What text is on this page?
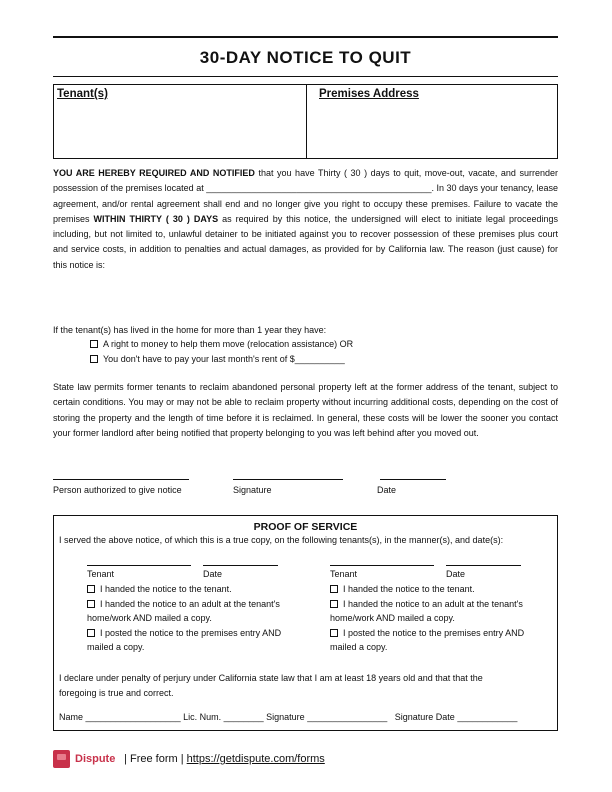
30-DAY NOTICE TO QUIT
Tenant(s)	Premises Address
YOU ARE HEREBY REQUIRED AND NOTIFIED that you have Thirty ( 30 ) days to quit, move-out, vacate, and surrender possession of the premises located at _____________________________________________. In 30 days your tenancy, lease agreement, and/or rental agreement shall end and no longer give you right to occupy these premises. Failure to vacate the premises WITHIN THIRTY ( 30 ) DAYS as required by this notice, the undersigned will elect to initiate legal proceedings including, but not limited to, unlawful detainer to be initiated against you to recover possession of these premises plus court and service costs, in addition to penalties and actual damages, as provided for by California law. The reason (just cause) for this notice is:
If the tenant(s) has lived in the home for more than 1 year they have:
A right to money to help them move (relocation assistance) OR
You don't have to pay your last month's rent of $__________
State law permits former tenants to reclaim abandoned personal property left at the former address of the tenant, subject to certain conditions. You may or may not be able to reclaim property without incurring additional costs, depending on the cost of storing the property and the length of time before it is reclaimed. In general, these costs will be lower the sooner you contact your former landlord after being notified that property belonging to you was left behind after you moved out.
Person authorized to give notice	Signature	Date
PROOF OF SERVICE
I served the above notice, of which this is a true copy, on the following tenants(s), in the manner(s), and date(s):
Tenant	Date
I handed the notice to the tenant.
I handed the notice to an adult at the tenant's
home/work AND mailed a copy.
I posted the notice to the premises entry AND
mailed a copy.
Tenant	Date
I handed the notice to the tenant.
I handed the notice to an adult at the tenant's
home/work AND mailed a copy.
I posted the notice to the premises entry AND
mailed a copy.
I declare under penalty of perjury under California state law that I am at least 18 years old and that that the
foregoing is true and correct.
Name ___________________ Lic. Num. ________ Signature ________________   Signature Date ____________
Dispute | Free form | https://getdispute.com/forms
